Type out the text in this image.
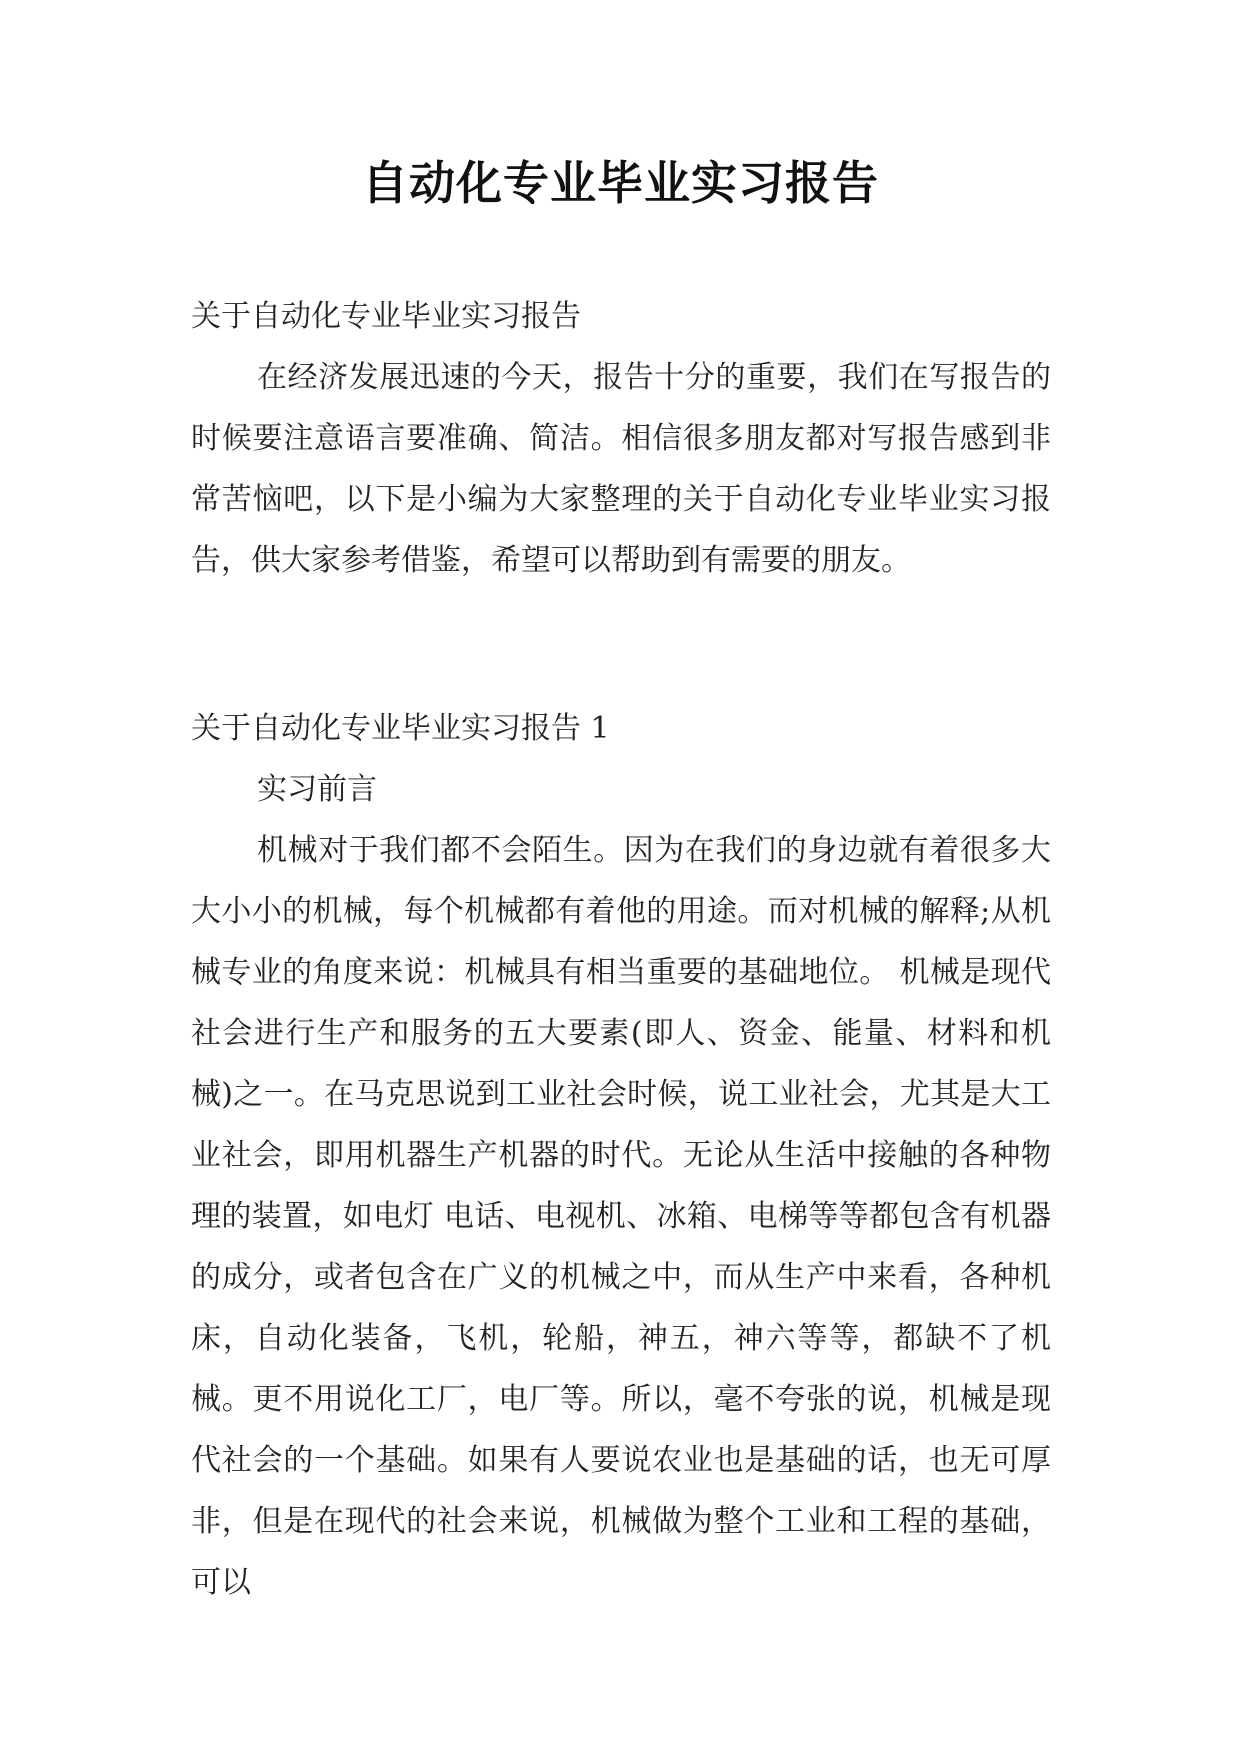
自动化专业毕业实习报告
关于自动化专业毕业实习报告
在经济发展迅速的今天，报告十分的重要，我们在写报告的时候要注意语言要准确、简洁。相信很多朋友都对写报告感到非常苦恼吧，以下是小编为大家整理的关于自动化专业毕业实习报告，供大家参考借鉴，希望可以帮助到有需要的朋友。
关于自动化专业毕业实习报告 1
实习前言
机械对于我们都不会陌生。因为在我们的身边就有着很多大大小小的机械，每个机械都有着他的用途。而对机械的解释;从机械专业的角度来说：机械具有相当重要的基础地位。 机械是现代社会进行生产和服务的五大要素(即人、资金、能量、材料和机械)之一。在马克思说到工业社会时候，说工业社会，尤其是大工业社会，即用机器生产机器的时代。无论从生活中接触的各种物理的装置，如电灯 电话、电视机、冰箱、电梯等等都包含有机器的成分，或者包含在广义的机械之中，而从生产中来看，各种机床，自动化装备，飞机，轮船，神五，神六等等，都缺不了机械。更不用说化工厂，电厂等。所以，毫不夸张的说，机械是现代社会的一个基础。如果有人要说农业也是基础的话，也无可厚非，但是在现代的社会来说，机械做为整个工业和工程的基础，可以
